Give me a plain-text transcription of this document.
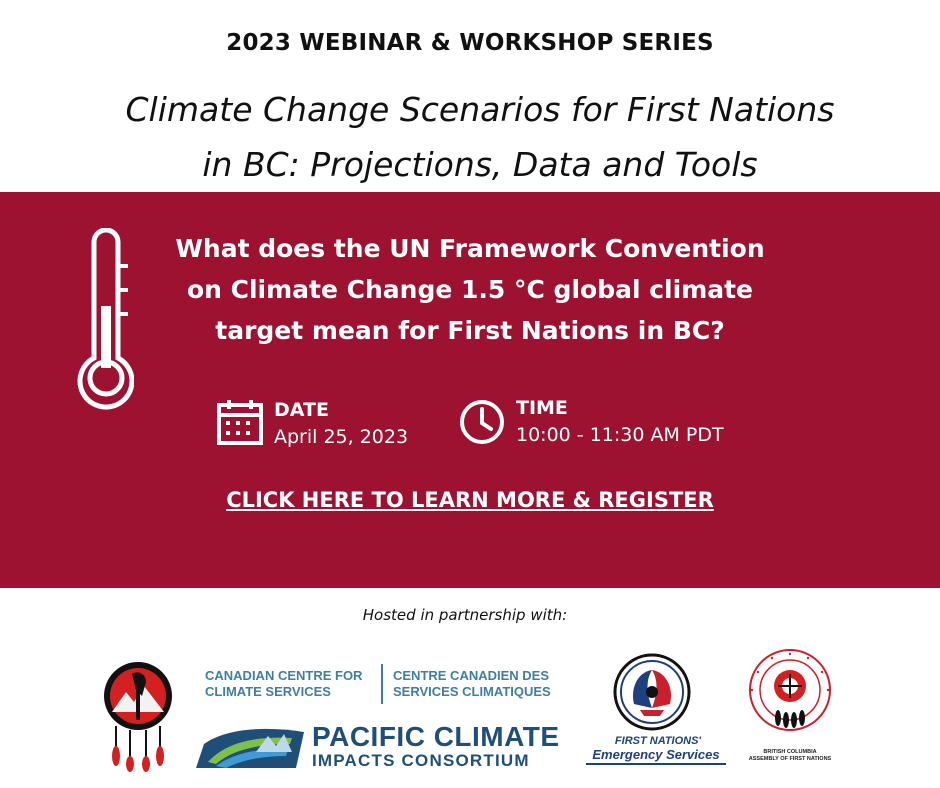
2023 WEBINAR & WORKSHOP SERIES
Climate Change Scenarios for First Nations
in BC: Projections, Data and Tools
What does the UN Framework Convention
on Climate Change 1.5 °C global climate
target mean for First Nations in BC?
DATE
April 25, 2023
TIME
10:00 - 11:30 AM PDT
CLICK HERE TO LEARN MORE & REGISTER
Hosted in partnership with:
CANADIAN CENTRE FOR
CLIMATE SERVICES
CENTRE CANADIEN DES
SERVICES CLIMATIQUES
PACIFIC CLIMATE
IMPACTS CONSORTIUM
FIRST NATIONS'
Emergency Services	BRITISH COLUMBIA
ASSEMBLY OF FIRST NATIONS
